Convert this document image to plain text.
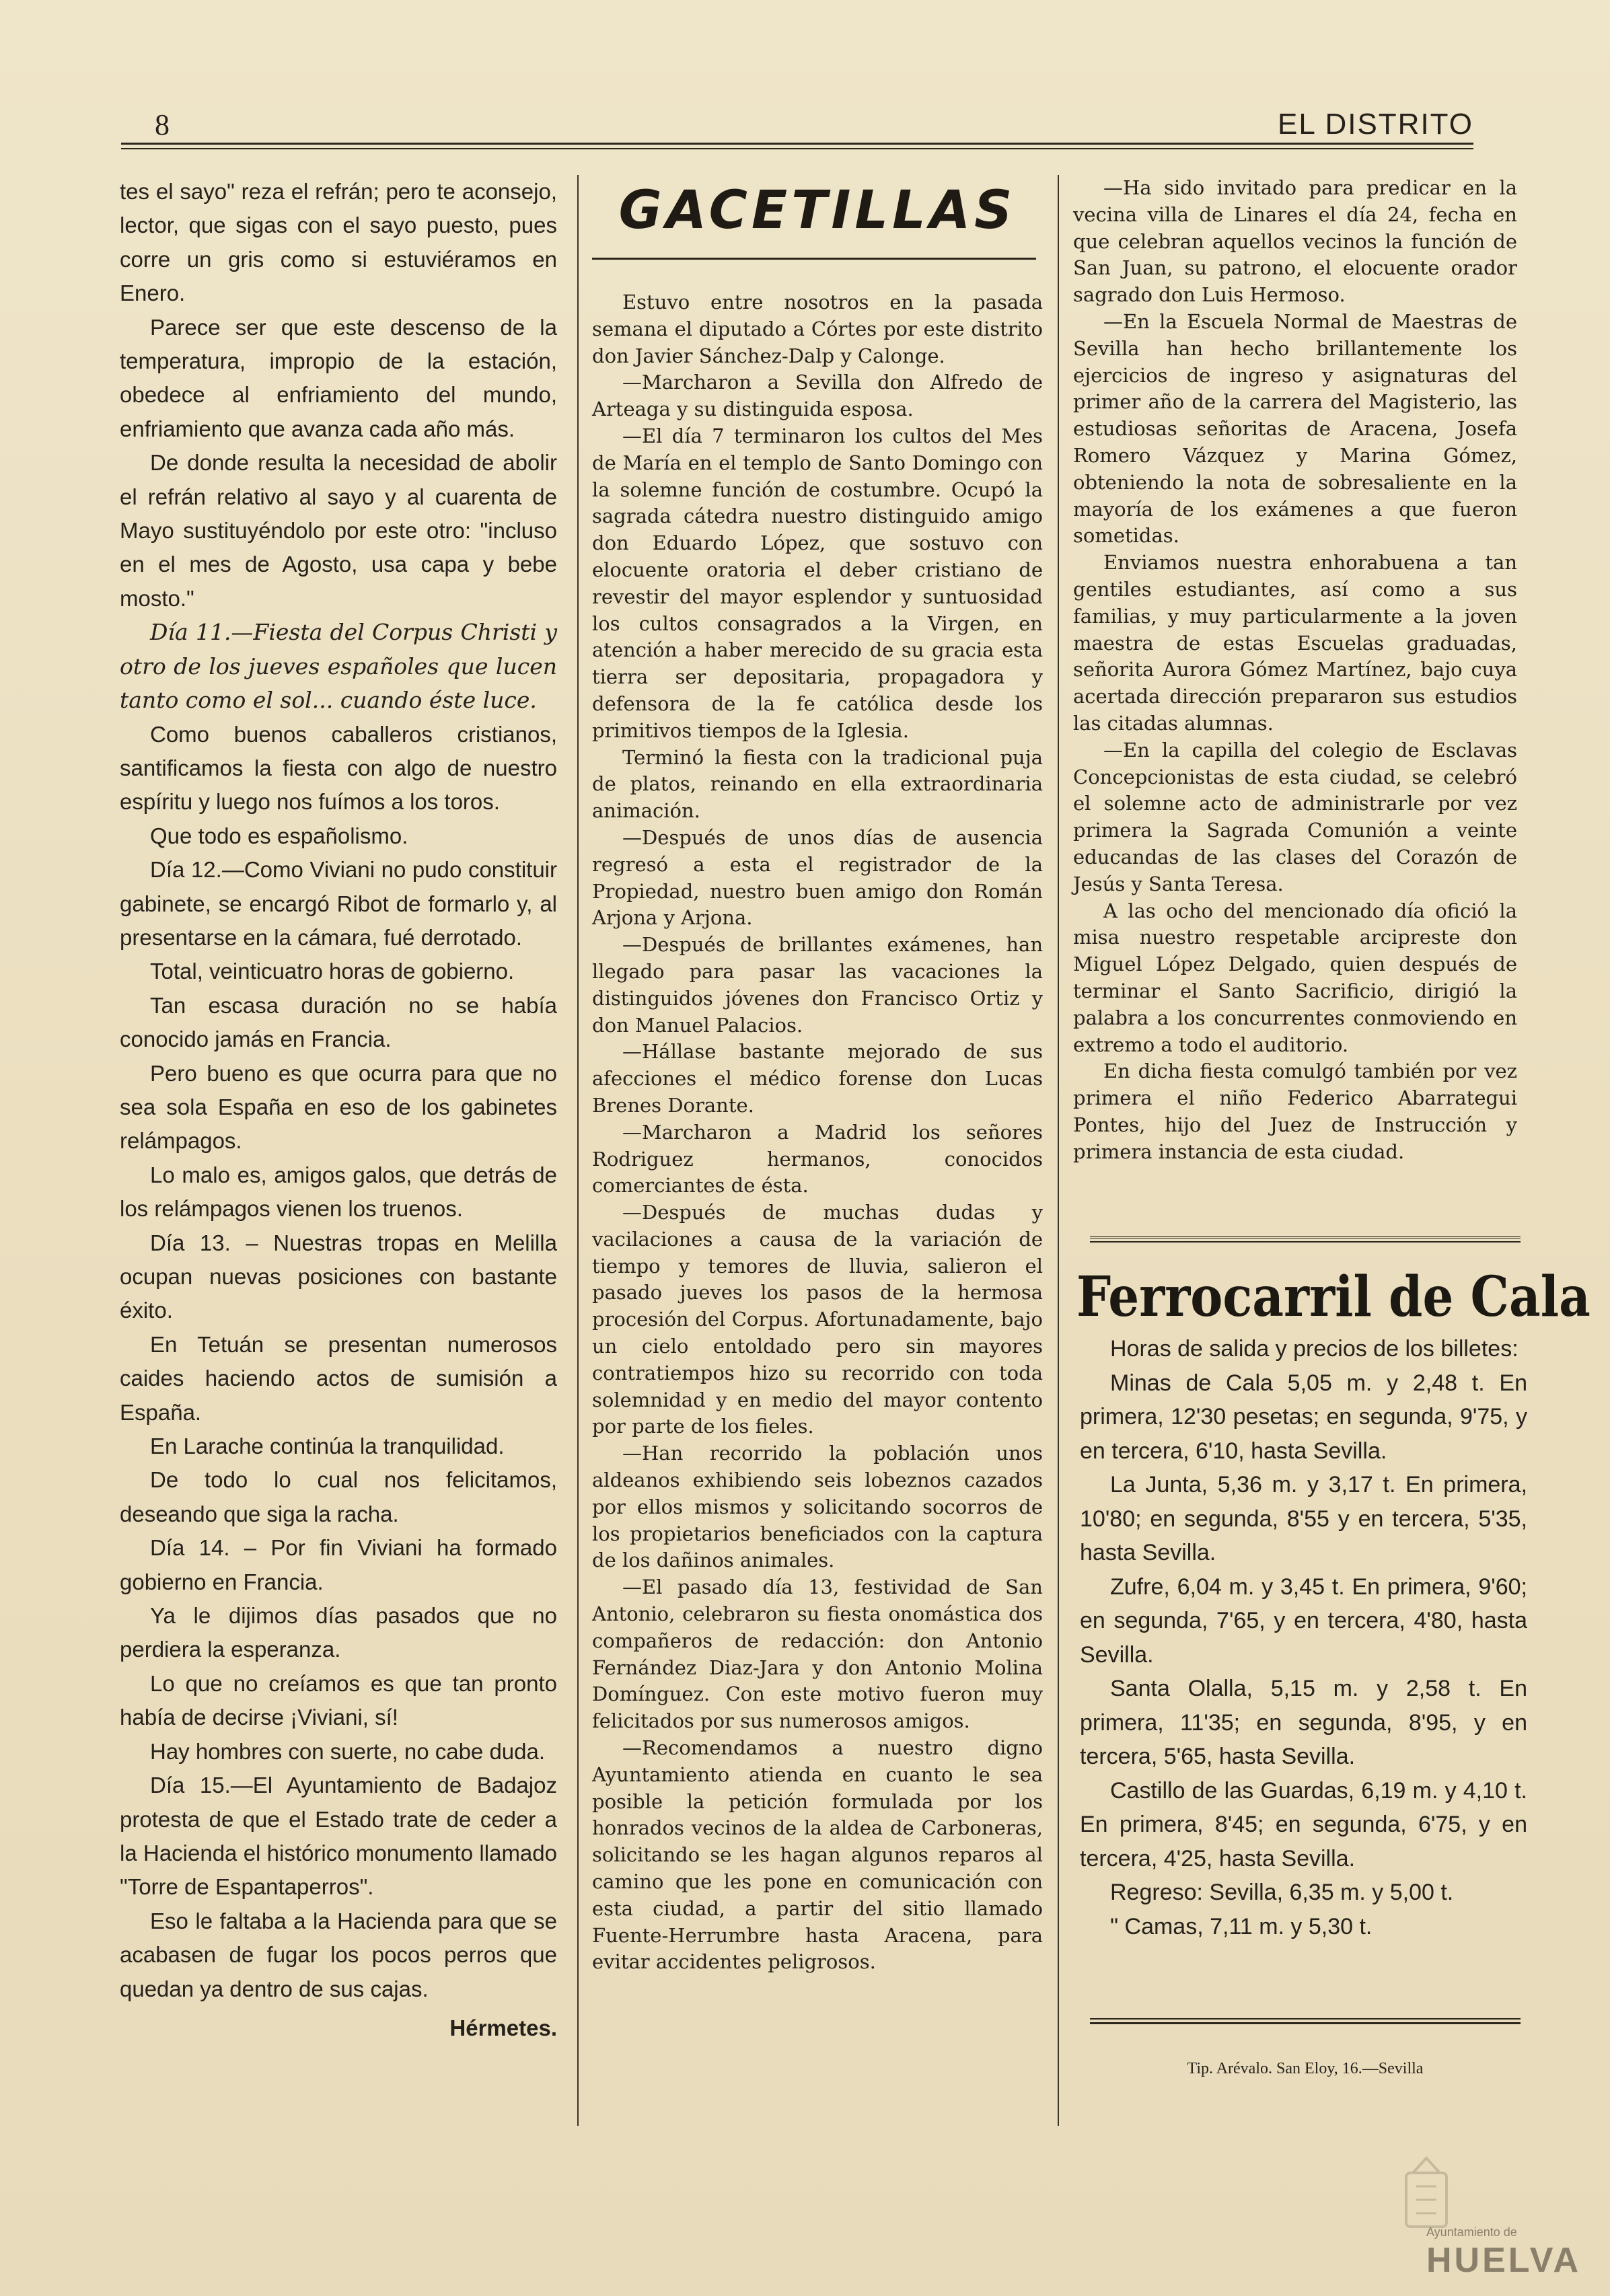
8	EL DISTRITO

tes el sayo" reza el refrán; pero te aconsejo, lector, que sigas con el sayo puesto, pues corre un gris como si estuviéramos en Enero.

Parece ser que este descenso de la temperatura, impropio de la estación, obedece al enfriamiento del mundo, enfriamiento que avanza cada año más.

De donde resulta la necesidad de abolir el refrán relativo al sayo y al cuarenta de Mayo sustituyéndolo por este otro: "incluso en el mes de Agosto, usa capa y bebe mosto."

Día 11.—Fiesta del Corpus Christi y otro de los jueves españoles que lucen tanto como el sol... cuando éste luce.

Como buenos caballeros cristianos, santificamos la fiesta con algo de nuestro espíritu y luego nos fuímos a los toros.

Que todo es españolismo.

Día 12.—Como Viviani no pudo constituir gabinete, se encargó Ribot de formarlo y, al presentarse en la cámara, fué derrotado.

Total, veinticuatro horas de gobierno.

Tan escasa duración no se había conocido jamás en Francia.

Pero bueno es que ocurra para que no sea sola España en eso de los gabinetes relámpagos.

Lo malo es, amigos galos, que detrás de los relámpagos vienen los truenos.

Día 13. – Nuestras tropas en Melilla ocupan nuevas posiciones con bastante éxito.

En Tetuán se presentan numerosos caides haciendo actos de sumisión a España.

En Larache continúa la tranquilidad.

De todo lo cual nos felicitamos, deseando que siga la racha.

Día 14. – Por fin Viviani ha formado gobierno en Francia.

Ya le dijimos días pasados que no perdiera la esperanza.

Lo que no creíamos es que tan pronto había de decirse ¡Viviani, sí!

Hay hombres con suerte, no cabe duda.

Día 15.—El Ayuntamiento de Badajoz protesta de que el Estado trate de ceder a la Hacienda el histórico monumento llamado "Torre de Espantaperros".

Eso le faltaba a la Hacienda para que se acabasen de fugar los pocos perros que quedan ya dentro de sus cajas.

Hérmetes.
GACETILLAS

Estuvo entre nosotros en la pasada semana el diputado a Córtes por este distrito don Javier Sánchez-Dalp y Calonge.

—Marcharon a Sevilla don Alfredo de Arteaga y su distinguida esposa.

—El día 7 terminaron los cultos del Mes de María en el templo de Santo Domingo con la solemne función de costumbre. Ocupó la sagrada cátedra nuestro distinguido amigo don Eduardo López, que sostuvo con elocuente oratoria el deber cristiano de revestir del mayor esplendor y suntuosidad los cultos consagrados a la Virgen, en atención a haber merecido de su gracia esta tierra ser depositaria, propagadora y defensora de la fe católica desde los primitivos tiempos de la Iglesia.

Terminó la fiesta con la tradicional puja de platos, reinando en ella extraordinaria animación.

—Después de unos días de ausencia regresó a esta el registrador de la Propiedad, nuestro buen amigo don Román Arjona y Arjona.

—Después de brillantes exámenes, han llegado para pasar las vacaciones la distinguidos jóvenes don Francisco Ortiz y don Manuel Palacios.

—Hállase bastante mejorado de sus afecciones el médico forense don Lucas Brenes Dorante.

—Marcharon a Madrid los señores Rodriguez hermanos, conocidos comerciantes de ésta.

—Después de muchas dudas y vacilaciones a causa de la variación de tiempo y temores de lluvia, salieron el pasado jueves los pasos de la hermosa procesión del Corpus. Afortunadamente, bajo un cielo entoldado pero sin mayores contratiempos hizo su recorrido con toda solemnidad y en medio del mayor contento por parte de los fieles.

—Han recorrido la población unos aldeanos exhibiendo seis lobeznos cazados por ellos mismos y solicitando socorros de los propietarios beneficiados con la captura de los dañinos animales.

—El pasado día 13, festividad de San Antonio, celebraron su fiesta onomástica dos compañeros de redacción: don Antonio Fernández Diaz-Jara y don Antonio Molina Domínguez. Con este motivo fueron muy felicitados por sus numerosos amigos.

—Recomendamos a nuestro digno Ayuntamiento atienda en cuanto le sea posible la petición formulada por los honrados vecinos de la aldea de Carboneras, solicitando se les hagan algunos reparos al camino que les pone en comunicación con esta ciudad, a partir del sitio llamado Fuente-Herrumbre hasta Aracena, para evitar accidentes peligrosos.

—Ha sido invitado para predicar en la vecina villa de Linares el día 24, fecha en que celebran aquellos vecinos la función de San Juan, su patrono, el elocuente orador sagrado don Luis Hermoso.

—En la Escuela Normal de Maestras de Sevilla han hecho brillantemente los ejercicios de ingreso y asignaturas del primer año de la carrera del Magisterio, las estudiosas señoritas de Aracena, Josefa Romero Vázquez y Marina Gómez, obteniendo la nota de sobresaliente en la mayoría de los exámenes a que fueron sometidas.

Enviamos nuestra enhorabuena a tan gentiles estudiantes, así como a sus familias, y muy particularmente a la joven maestra de estas Escuelas graduadas, señorita Aurora Gómez Martínez, bajo cuya acertada dirección prepararon sus estudios las citadas alumnas.

—En la capilla del colegio de Esclavas Concepcionistas de esta ciudad, se celebró el solemne acto de administrarle por vez primera la Sagrada Comunión a veinte educandas de las clases del Corazón de Jesús y Santa Teresa.

A las ocho del mencionado día ofició la misa nuestro respetable arcipreste don Miguel López Delgado, quien después de terminar el Santo Sacrificio, dirigió la palabra a los concurrentes conmoviendo en extremo a todo el auditorio.

En dicha fiesta comulgó también por vez primera el niño Federico Abarrategui Pontes, hijo del Juez de Instrucción y primera instancia de esta ciudad.

Ferrocarril de Cala

Horas de salida y precios de los billetes:

Minas de Cala 5,05 m. y 2,48 t. En primera, 12'30 pesetas; en segunda, 9'75, y en tercera, 6'10, hasta Sevilla.

La Junta, 5,36 m. y 3,17 t. En primera, 10'80; en segunda, 8'55 y en tercera, 5'35, hasta Sevilla.

Zufre, 6,04 m. y 3,45 t. En primera, 9'60; en segunda, 7'65, y en tercera, 4'80, hasta Sevilla.

Santa Olalla, 5,15 m. y 2,58 t. En primera, 11'35; en segunda, 8'95, y en tercera, 5'65, hasta Sevilla.

Castillo de las Guardas, 6,19 m. y 4,10 t. En primera, 8'45; en segunda, 6'75, y en tercera, 4'25, hasta Sevilla.

Regreso: Sevilla, 6,35 m. y 5,00 t.

" Camas, 7,11 m. y 5,30 t.

Tip. Arévalo. San Eloy, 16.—Sevilla
Ayuntamiento de
HUELVA
